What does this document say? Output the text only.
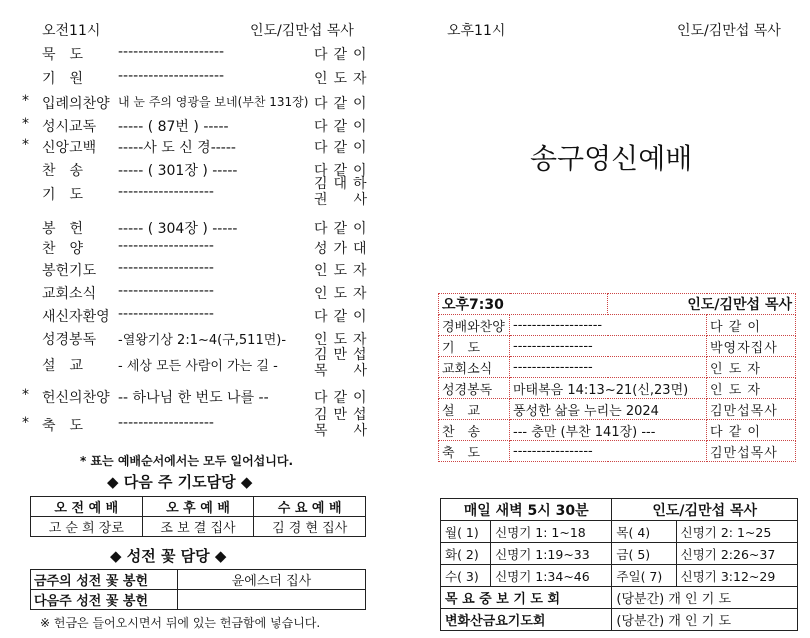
오전11시	인도/김만섭 목사
묵　도 ---------------------	다같이
기　원 ---------------------	인도자
* 입례의찬양 내 눈 주의 영광을 보네(부찬 131장) 다같이
* 성시교독 ----- ( 87번 ) -----	다같이
* 신앙고백 -----사 도 신 경-----	다같이
찬　송 ----- ( 301장 ) -----	다같이
기　도 -------------------	김대하
권　사
봉　헌 ----- ( 304장 ) -----	다같이
찬　양 -------------------	성가대
봉헌기도 -------------------	인도자
교회소식 -------------------	인도자
새신자환영 -------------------	다같이
성경봉독 -열왕기상 2:1~4(구,511면)- 인도자
설　교	- 세상 모든 사람이 가는 길 -
김만섭
목　사
* 헌신의찬양 -- 하나님 한 번도 나를 --	다같이
* 축　도 -------------------	김만섭
목　사
* 표는 예배순서에서는 모두 일어섭니다.
◆ 다음 주 기도담당 ◆
오 전 예 배	오 후 예 배	수 요 예 배
고 순 희 장로	조 보 결 집사	김 경 현 집사
◆ 성전 꽃 담당 ◆
금주의 성전 꽃 봉헌	윤에스더 집사
다음주 성전 꽃 봉헌	
※ 헌금은 들어오시면서 뒤에 있는 헌금함에 넣습니다.
오후11시	인도/김만섭 목사
송구영신예배
오후7:30		인도/김만섭 목사	
경배와찬양	-------------------		다 같 이
기　도	-----------------		박영자집사
교회소식	-----------------		인 도 자
성경봉독	마태복음 14:13~21(신,23면)		인 도 자
설　교	풍성한 삶을 누리는 2024		김만섭목사
찬　송	--- 충만 (부찬 141장) ---		다 같 이
축　도	-----------------		김만섭목사
매일 새벽 5시 30분		인도/김만섭 목사	
월( 1)	신명기 1: 1~18	목( 4)	신명기 2: 1~25
화( 2)	신명기 1:19~33	금( 5)	신명기 2:26~37
수( 3)	신명기 1:34~46	주일( 7)	신명기 3:12~29
목 요 중 보 기 도 회		(당분간) 개 인 기 도	
변화산금요기도회		(당분간) 개 인 기 도	
